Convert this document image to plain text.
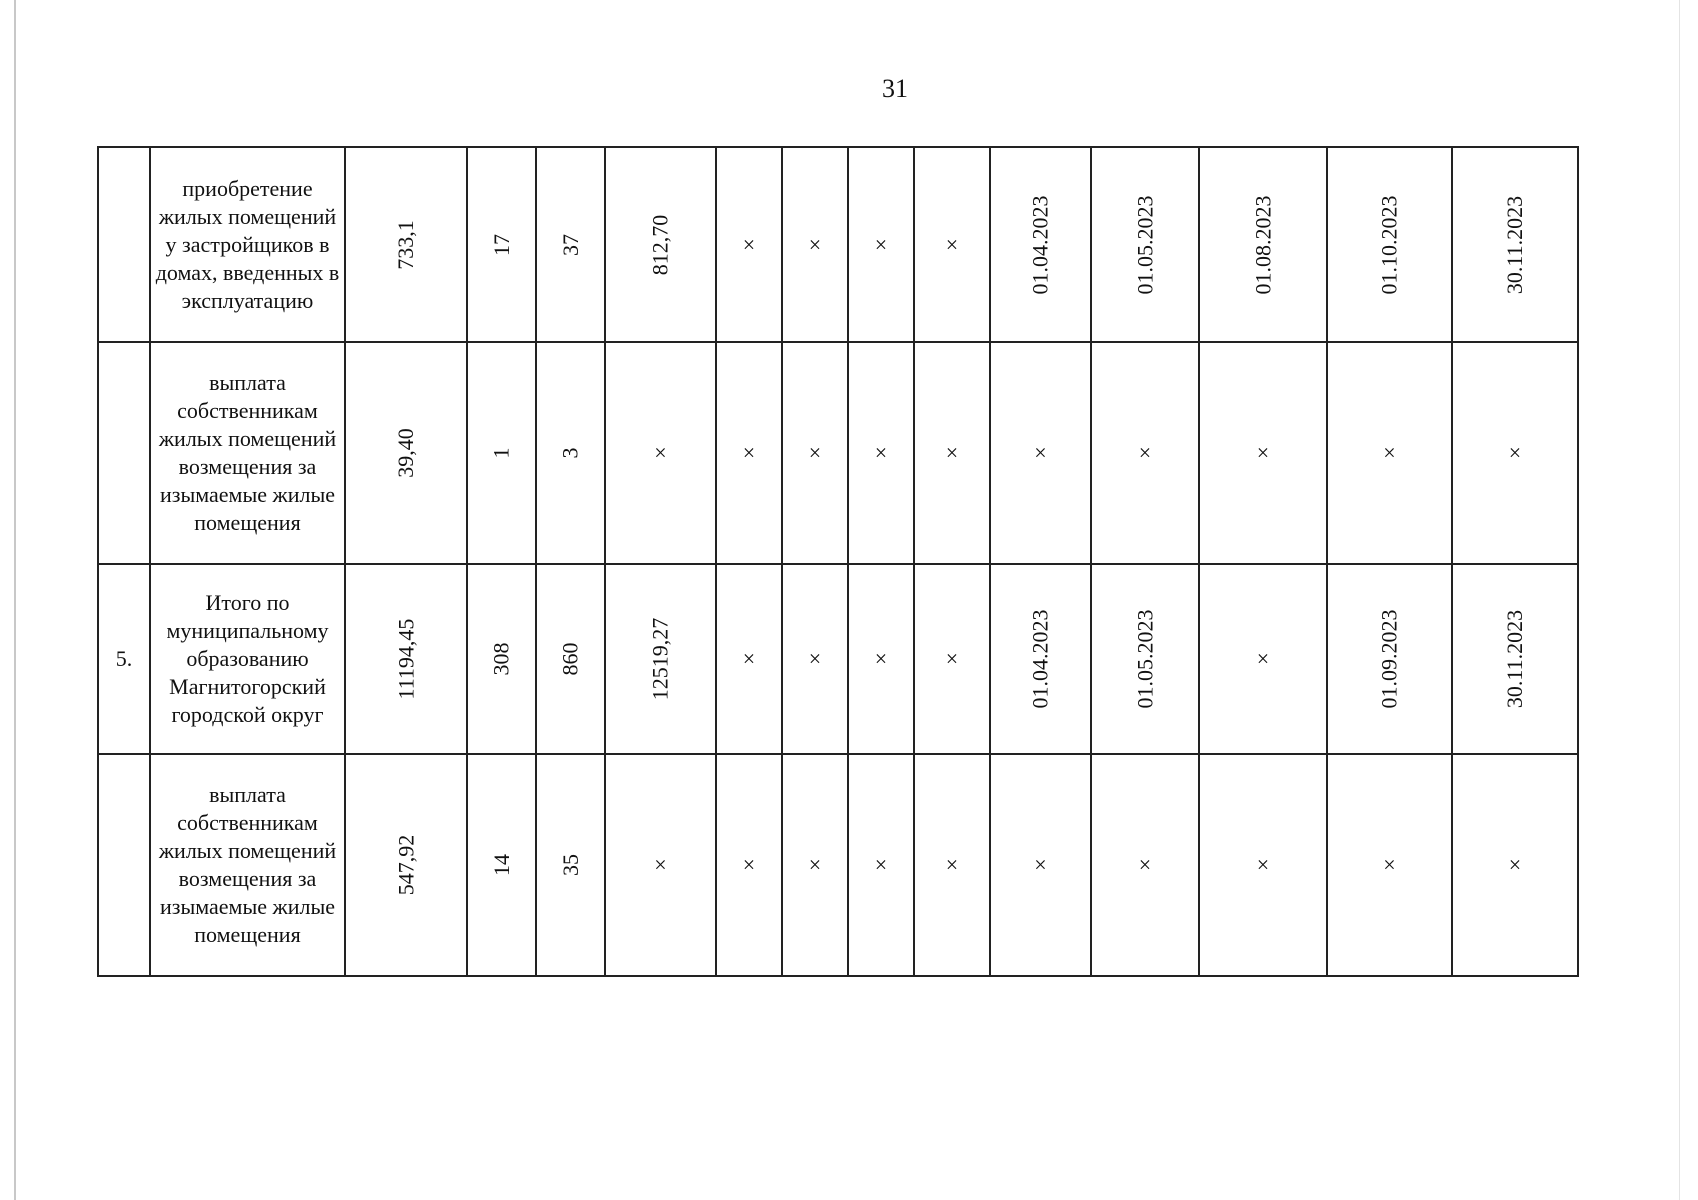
31
	приобретение жилых помещений у застройщиков в домах, введенных в эксплуатацию	733,1	17	37	812,70	×	×	×	×	01.04.2023	01.05.2023	01.08.2023	01.10.2023	30.11.2023
	выплата собственникам жилых помещений возмещения за изымаемые жилые помещения	39,40	1	3	×	×	×	×	×	×	×	×	×	×
5.	Итого по муниципальному образованию Магнитогорский городской округ	11194,45	308	860	12519,27	×	×	×	×	01.04.2023	01.05.2023	×	01.09.2023	30.11.2023
	выплата собственникам жилых помещений возмещения за изымаемые жилые помещения	547,92	14	35	×	×	×	×	×	×	×	×	×	×
